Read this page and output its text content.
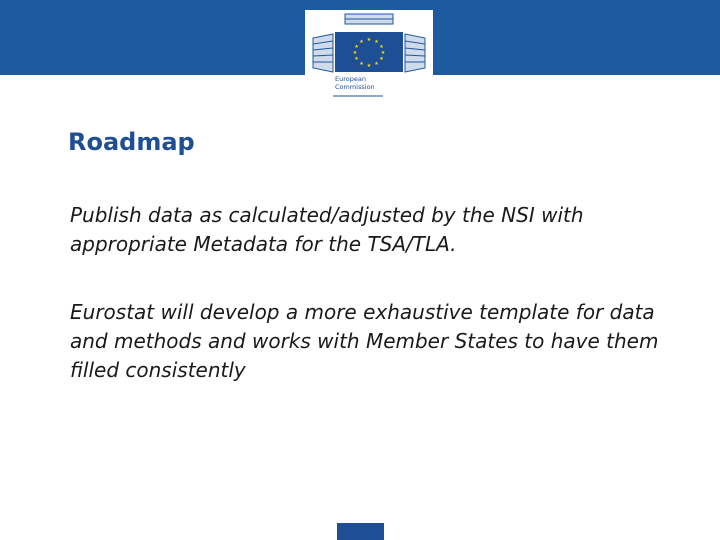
★ ★
★
★
★
★
★
★
★
★
★
★
European
Commission
Roadmap

Publish data as calculated/adjusted by the NSI with appropriate Metadata for the TSA/TLA.

Eurostat will develop a more exhaustive template for data and methods and works with Member States to have them filled consistently
